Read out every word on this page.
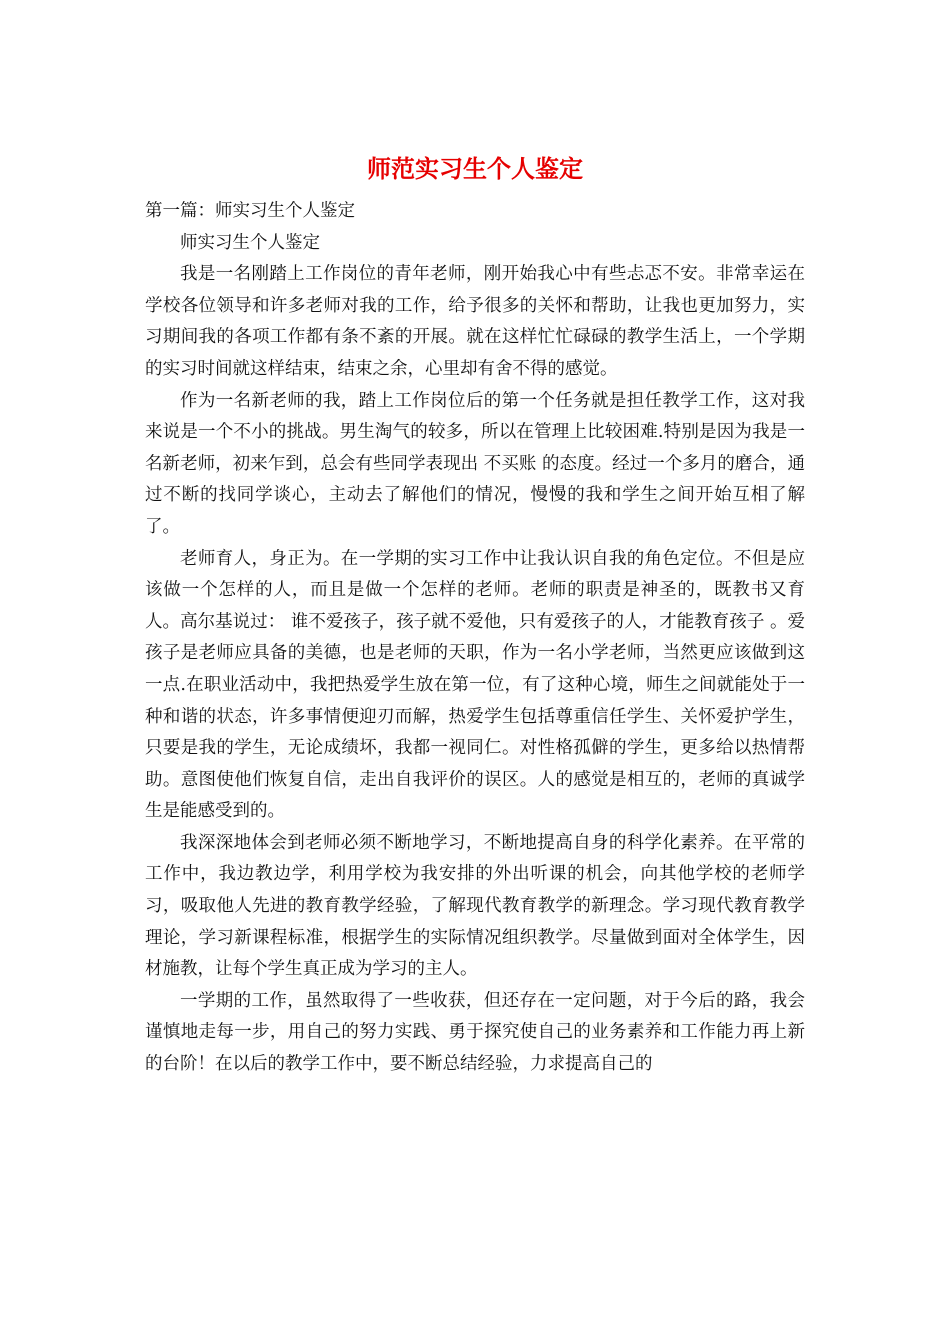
师范实习生个人鉴定

第一篇：师实习生个人鉴定

师实习生个人鉴定

我是一名刚踏上工作岗位的青年老师，刚开始我心中有些忐忑不安。非常幸运在学校各位领导和许多老师对我的工作，给予很多的关怀和帮助，让我也更加努力，实习期间我的各项工作都有条不紊的开展。就在这样忙忙碌碌的教学生活上，一个学期的实习时间就这样结束，结束之余，心里却有舍不得的感觉。

作为一名新老师的我，踏上工作岗位后的第一个任务就是担任教学工作，这对我来说是一个不小的挑战。男生淘气的较多，所以在管理上比较困难.特别是因为我是一名新老师，初来乍到，总会有些同学表现出 不买账 的态度。经过一个多月的磨合，通过不断的找同学谈心，主动去了解他们的情况，慢慢的我和学生之间开始互相了解了。

老师育人，身正为。在一学期的实习工作中让我认识自我的角色定位。不但是应该做一个怎样的人，而且是做一个怎样的老师。老师的职责是神圣的，既教书又育人。高尔基说过： 谁不爱孩子，孩子就不爱他，只有爱孩子的人，才能教育孩子 。爱孩子是老师应具备的美德，也是老师的天职，作为一名小学老师，当然更应该做到这一点.在职业活动中，我把热爱学生放在第一位，有了这种心境，师生之间就能处于一种和谐的状态，许多事情便迎刃而解，热爱学生包括尊重信任学生、关怀爱护学生，只要是我的学生，无论成绩坏，我都一视同仁。对性格孤僻的学生，更多给以热情帮助。意图使他们恢复自信，走出自我评价的误区。人的感觉是相互的，老师的真诚学生是能感受到的。

我深深地体会到老师必须不断地学习，不断地提高自身的科学化素养。在平常的工作中，我边教边学，利用学校为我安排的外出听课的机会，向其他学校的老师学习，吸取他人先进的教育教学经验，了解现代教育教学的新理念。学习现代教育教学理论，学习新课程标准，根据学生的实际情况组织教学。尽量做到面对全体学生，因材施教，让每个学生真正成为学习的主人。

一学期的工作，虽然取得了一些收获，但还存在一定问题，对于今后的路，我会谨慎地走每一步，用自己的努力实践、勇于探究使自己的业务素养和工作能力再上新的台阶！在以后的教学工作中，要不断总结经验，力求提高自己的
